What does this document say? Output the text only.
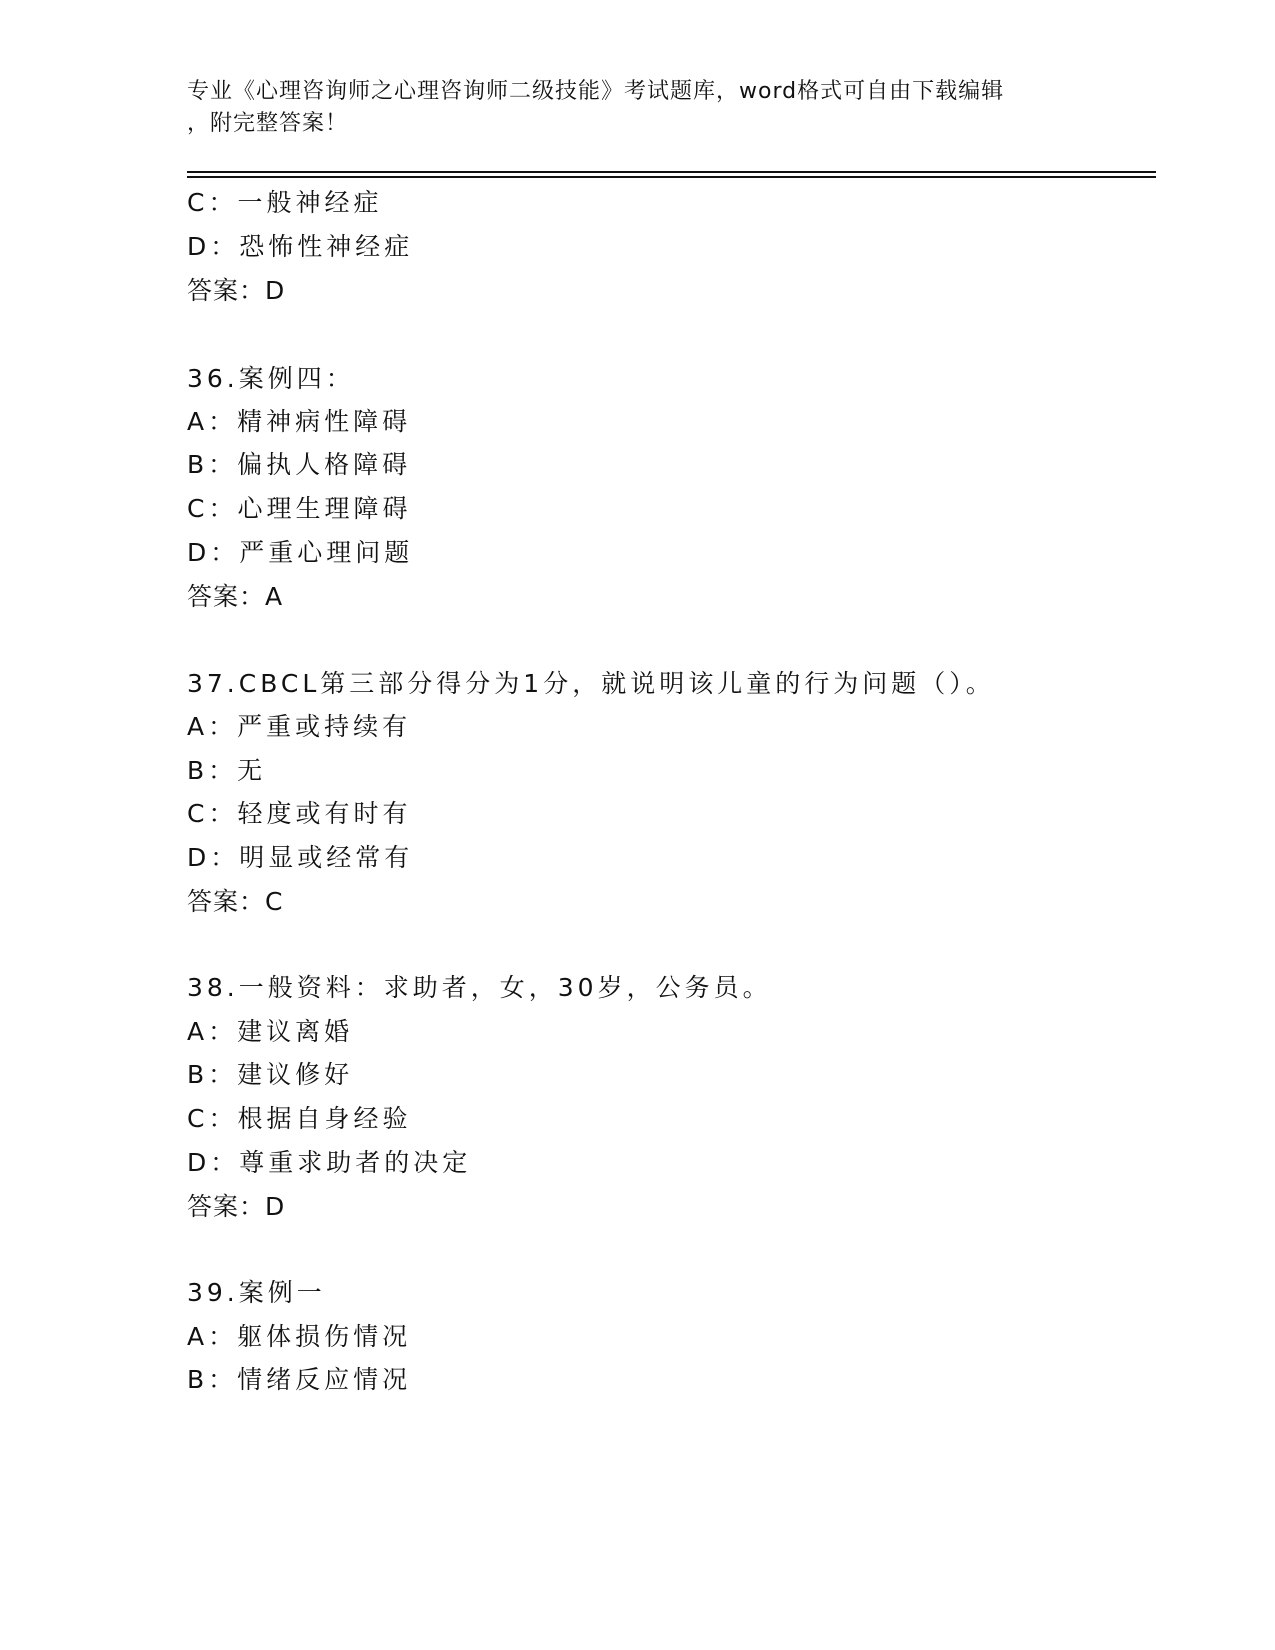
专业《心理咨询师之心理咨询师二级技能》考试题库，word格式可自由下载编辑
，附完整答案！
C：一般神经症
D：恐怖性神经症
答案：D
36.案例四：
A：精神病性障碍
B：偏执人格障碍
C：心理生理障碍
D：严重心理问题
答案：A
37.CBCL第三部分得分为1分，就说明该儿童的行为问题（）。
A：严重或持续有
B：无
C：轻度或有时有
D：明显或经常有
答案：C
38.一般资料：求助者，女，30岁，公务员。
A：建议离婚
B：建议修好
C：根据自身经验
D：尊重求助者的决定
答案：D
39.案例一
A：躯体损伤情况
B：情绪反应情况
